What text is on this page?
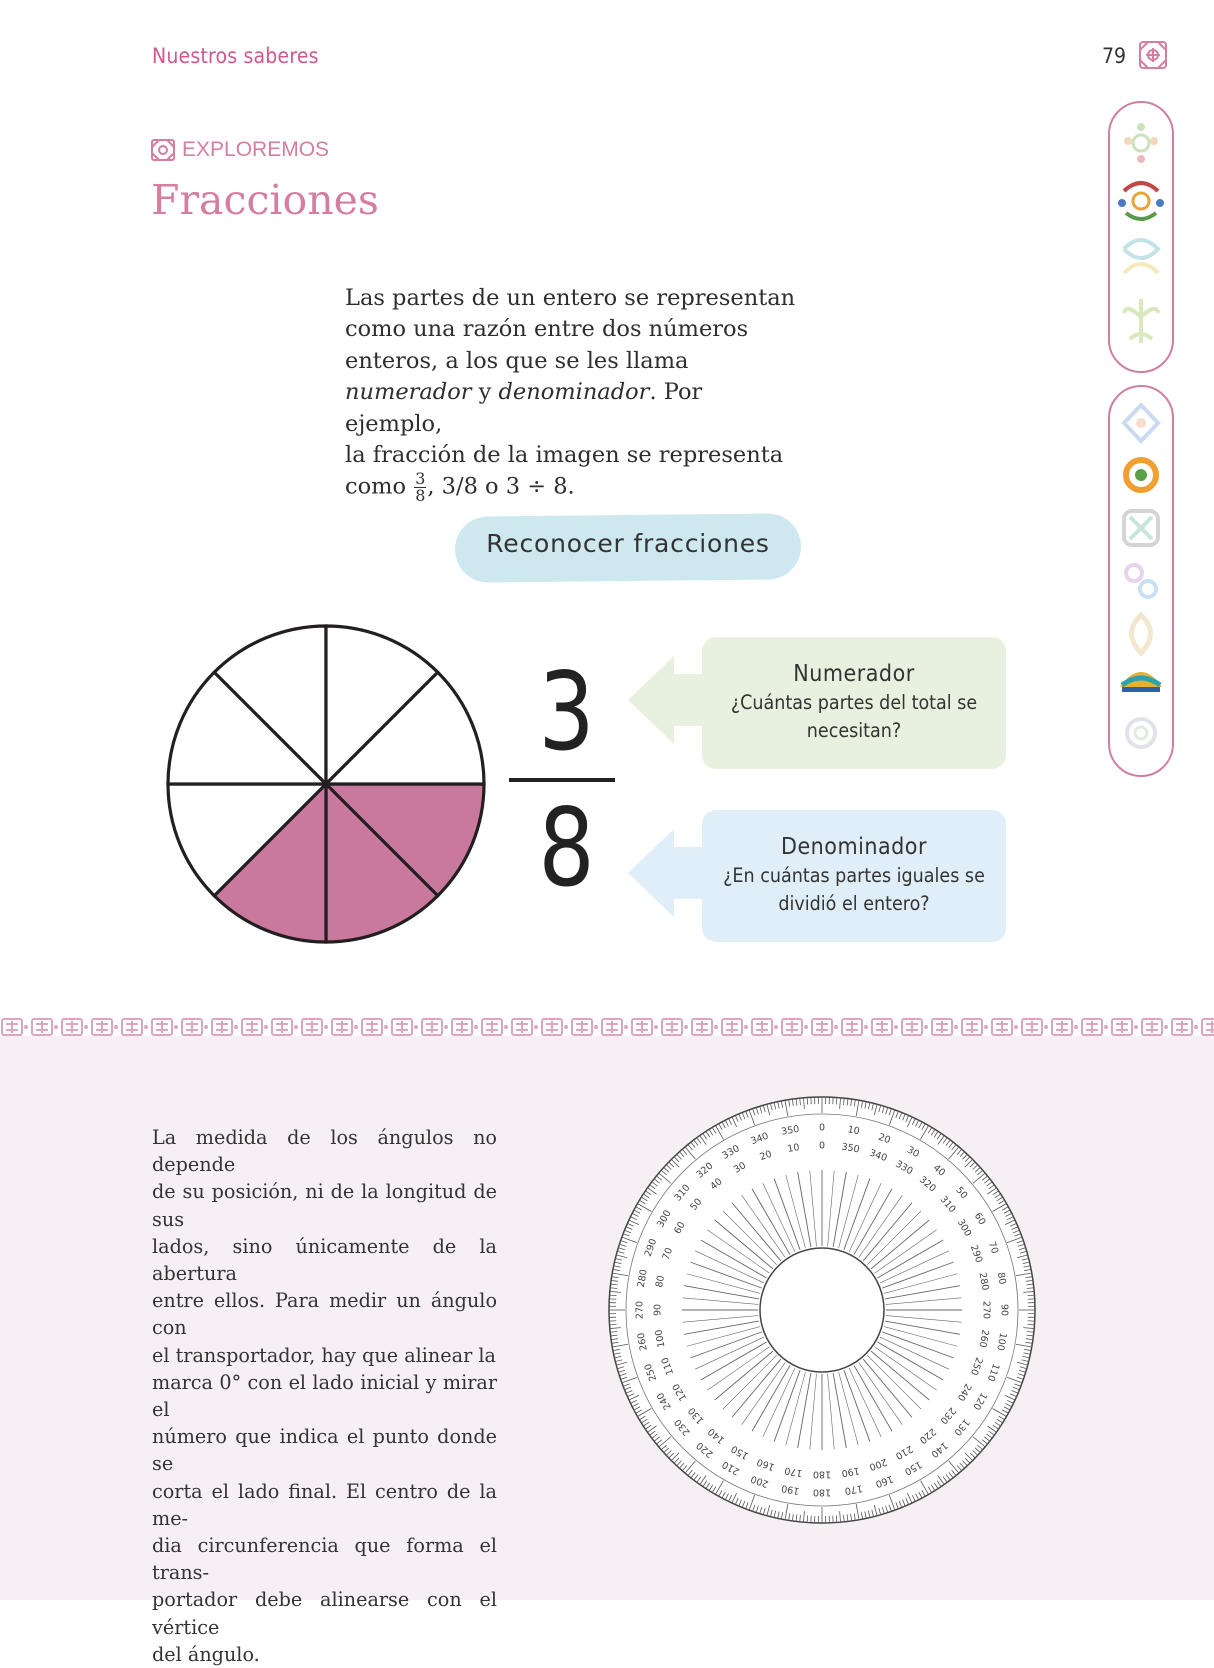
Nuestros saberes	79
EXPLOREMOS
Fracciones
Las partes de un entero se representan
como una razón entre dos números
enteros, a los que se les llama
numerador y denominador. Por ejemplo,
la fracción de la imagen se representa
como $\frac{3}{8}$ , 3/8 o 3 ÷ 8.
Reconocer fracciones
3
8
Numerador
¿Cuántas partes del total se
necesitan?
Denominador
¿En cuántas partes iguales se
dividió el entero?
La medida de los ángulos no depende
de su posición, ni de la longitud de sus
lados, sino únicamente de la abertura
entre ellos. Para medir un ángulo con
el transportador, hay que alinear la
marca 0° con el lado inicial y mirar el
número que indica el punto donde se
corta el lado final. El centro de la me-
dia circunferencia que forma el trans-
portador debe alinearse con el vértice
del ángulo.
0 10
20
30
40
50
60
70
80
90
100
110
120
130
140
150
160
170
180
190
200
210
220
230
240
250
260
270
280
290
300
310
320
330
340 350
0 350 340
330
320
310
300
290
280
270
260
250
240
230
220
210
200
190
180
170
160
150
140
130
120
110
100
90
80
70
60
50
40
30
20
10
